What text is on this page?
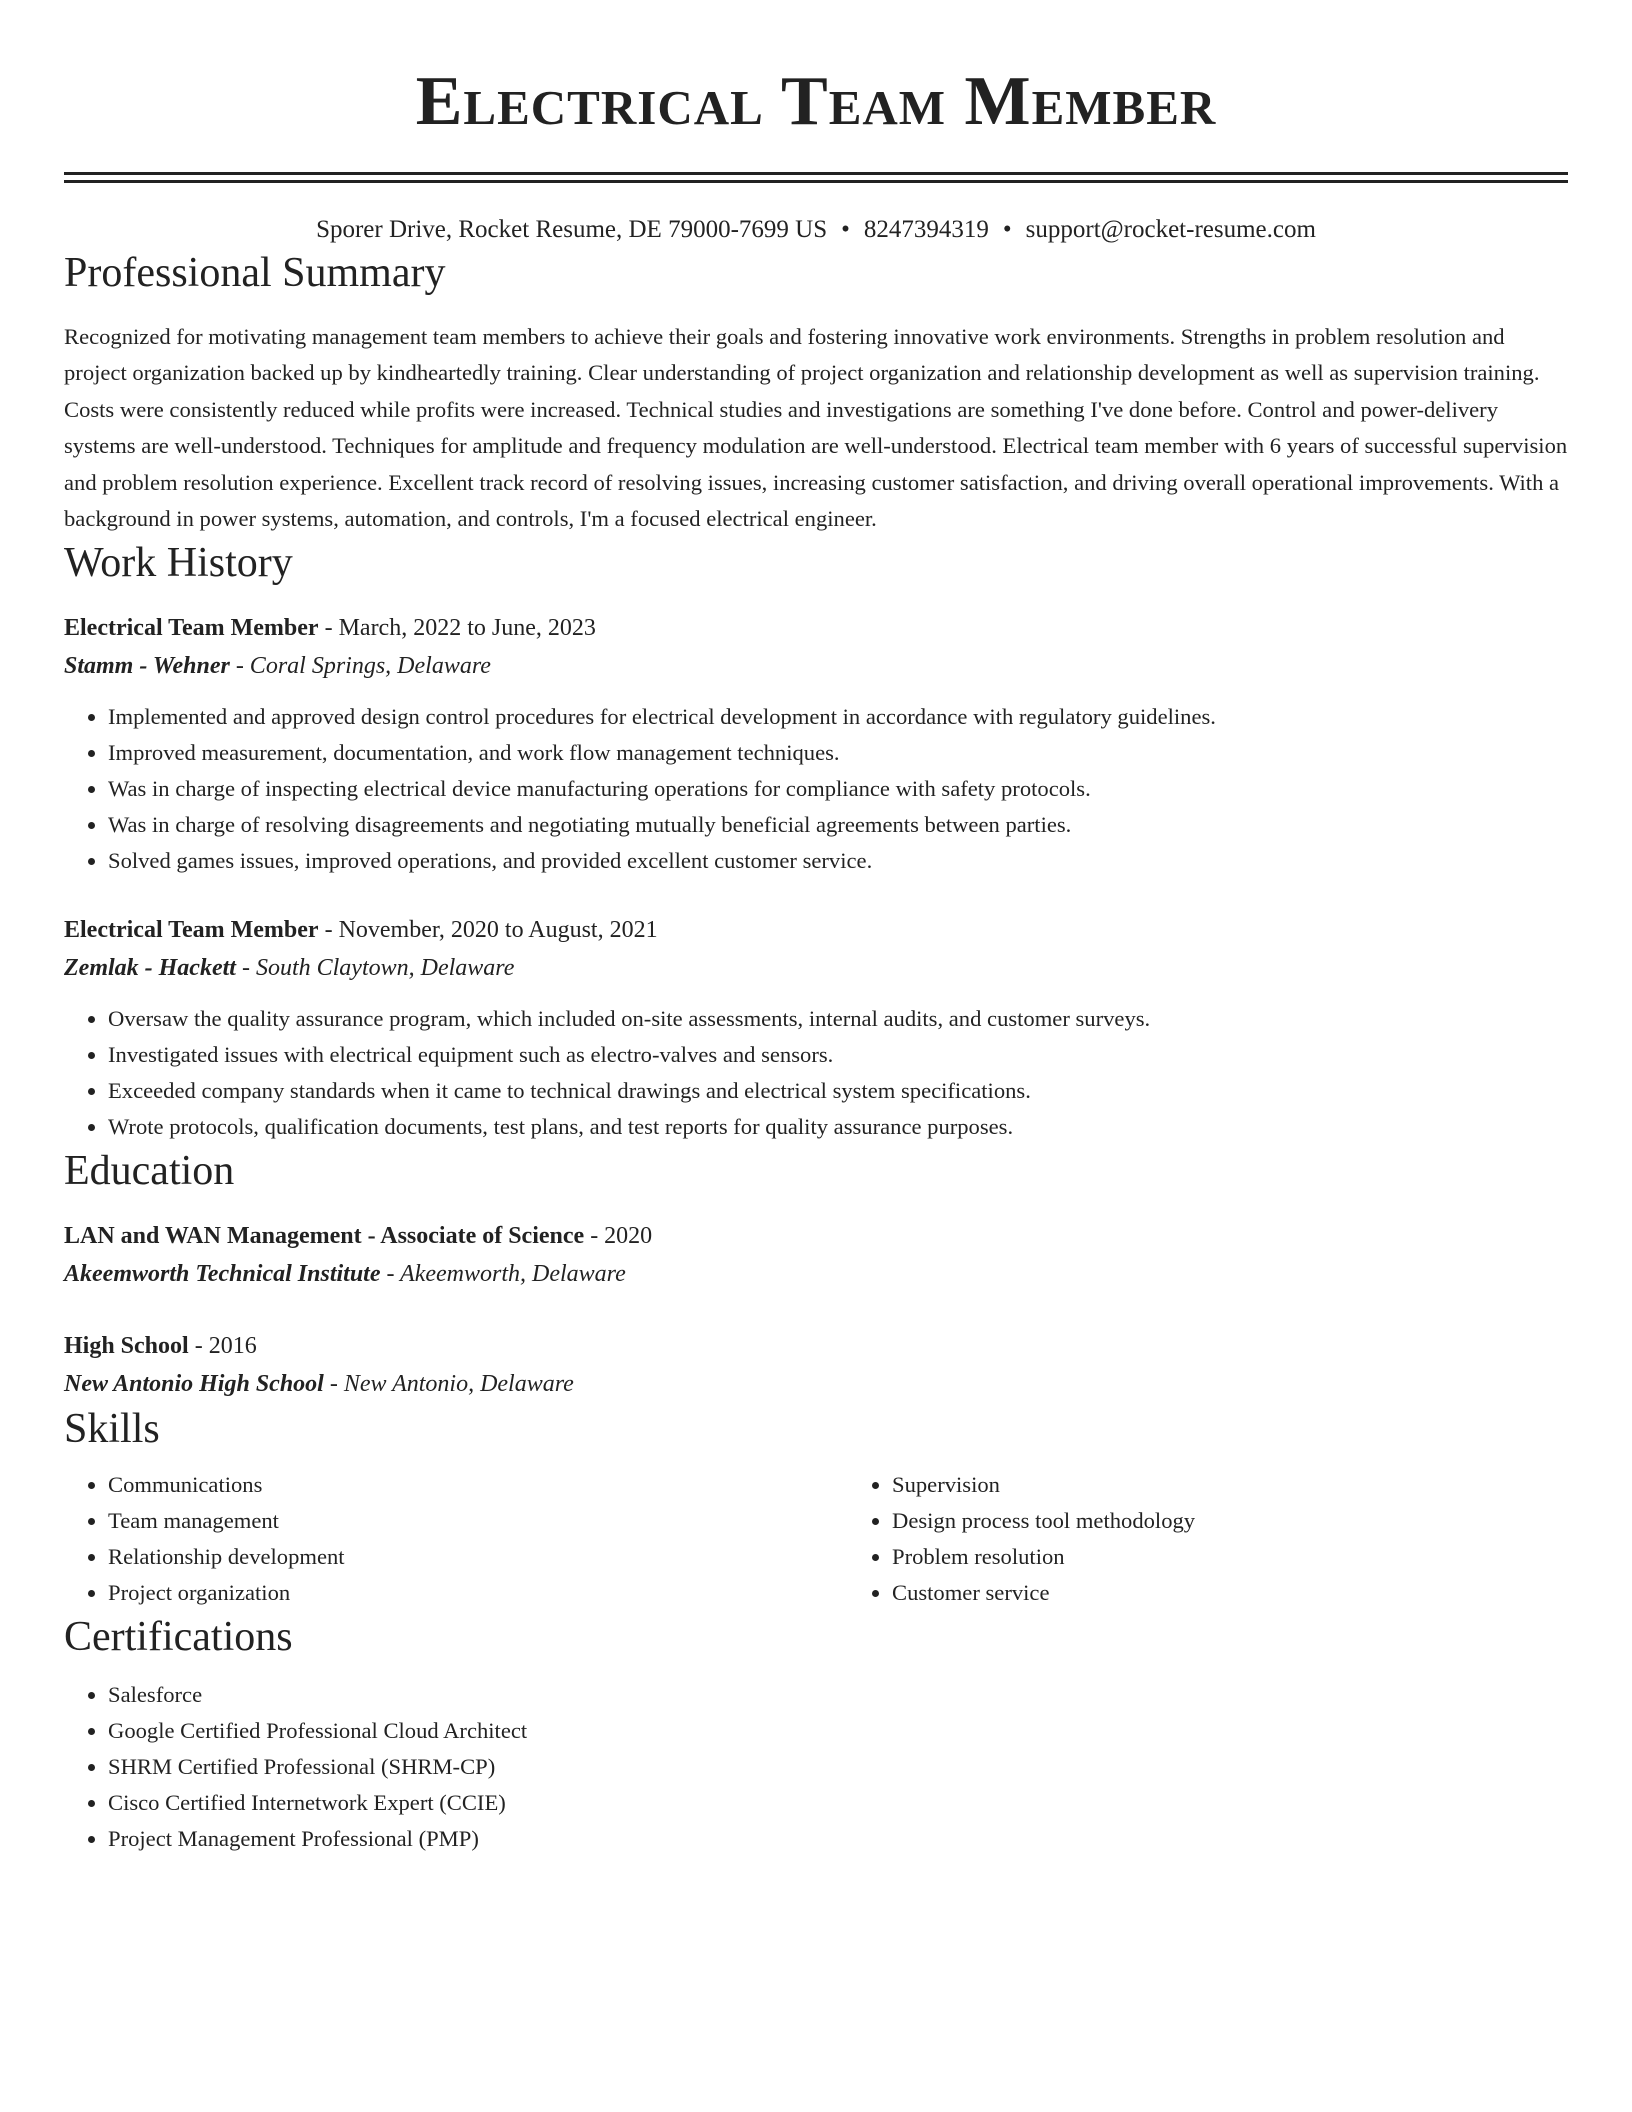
Electrical Team Member
Sporer Drive, Rocket Resume, DE 79000-7699 US • 8247394319 • support@rocket-resume.com
Professional Summary

Recognized for motivating management team members to achieve their goals and fostering innovative work environments. Strengths in problem resolution and project organization backed up by kindheartedly training. Clear understanding of project organization and relationship development as well as supervision training. Costs were consistently reduced while profits were increased. Technical studies and investigations are something I've done before. Control and power-delivery systems are well-understood. Techniques for amplitude and frequency modulation are well-understood. Electrical team member with 6 years of successful supervision and problem resolution experience. Excellent track record of resolving issues, increasing customer satisfaction, and driving overall operational improvements. With a background in power systems, automation, and controls, I'm a focused electrical engineer.

Work History
Electrical Team Member - March, 2022 to June, 2023
Stamm - Wehner - Coral Springs, Delaware
• Implemented and approved design control procedures for electrical development in accordance with regulatory guidelines.
• Improved measurement, documentation, and work flow management techniques.
• Was in charge of inspecting electrical device manufacturing operations for compliance with safety protocols.
• Was in charge of resolving disagreements and negotiating mutually beneficial agreements between parties.
• Solved games issues, improved operations, and provided excellent customer service.
Electrical Team Member - November, 2020 to August, 2021
Zemlak - Hackett - South Claytown, Delaware
• Oversaw the quality assurance program, which included on-site assessments, internal audits, and customer surveys.
• Investigated issues with electrical equipment such as electro-valves and sensors.
• Exceeded company standards when it came to technical drawings and electrical system specifications.
• Wrote protocols, qualification documents, test plans, and test reports for quality assurance purposes.
Education
LAN and WAN Management - Associate of Science - 2020
Akeemworth Technical Institute - Akeemworth, Delaware
High School - 2016
New Antonio High School - New Antonio, Delaware
Skills
• Communications
• Team management
• Relationship development
• Project organization
• Supervision
• Design process tool methodology
• Problem resolution
• Customer service
Certifications
• Salesforce
• Google Certified Professional Cloud Architect
• SHRM Certified Professional (SHRM-CP)
• Cisco Certified Internetwork Expert (CCIE)
• Project Management Professional (PMP)
